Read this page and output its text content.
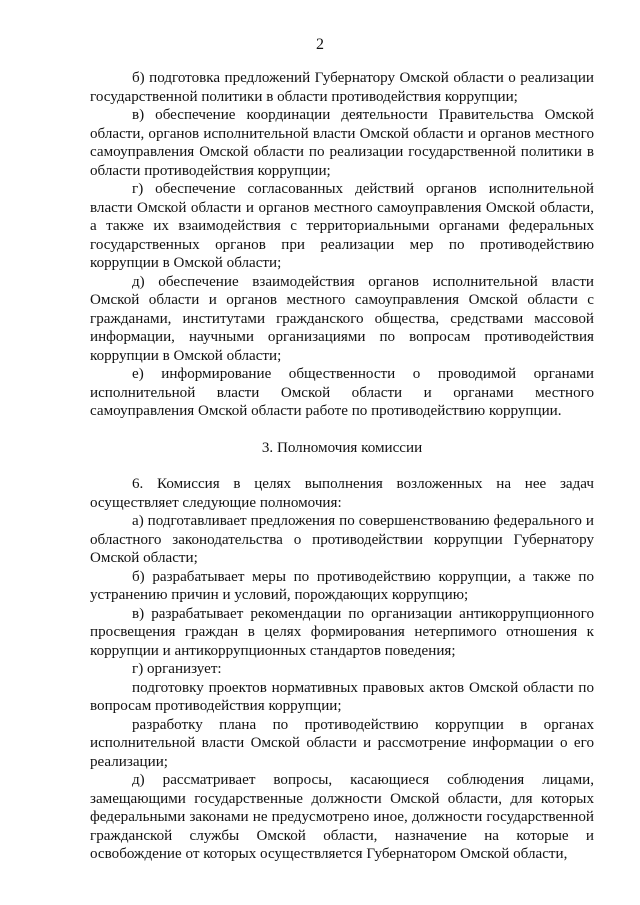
2

б) подготовка предложений Губернатору Омской области о реализации государственной политики в области противодействия коррупции;

в) обеспечение координации деятельности Правительства Омской области, органов исполнительной власти Омской области и органов местного самоуправления Омской области по реализации государственной политики в области противодействия коррупции;

г) обеспечение согласованных действий органов исполнительной власти Омской области и органов местного самоуправления Омской области, а также их взаимодействия с территориальными органами федеральных государственных органов при реализации мер по противодействию коррупции в Омской области;

д) обеспечение взаимодействия органов исполнительной власти Омской области и органов местного самоуправления Омской области с гражданами, институтами гражданского общества, средствами массовой информации, научными организациями по вопросам противодействия коррупции в Омской области;

е) информирование общественности о проводимой органами исполнительной власти Омской области и органами местного самоуправления Омской области работе по противодействию коррупции.

3. Полномочия комиссии

6. Комиссия в целях выполнения возложенных на нее задач осуществляет следующие полномочия:

а) подготавливает предложения по совершенствованию федерального и областного законодательства о противодействии коррупции Губернатору Омской области;

б) разрабатывает меры по противодействию коррупции, а также по устранению причин и условий, порождающих коррупцию;

в) разрабатывает рекомендации по организации антикоррупционного просвещения граждан в целях формирования нетерпимого отношения к коррупции и антикоррупционных стандартов поведения;

г) организует:

подготовку проектов нормативных правовых актов Омской области по вопросам противодействия коррупции;

разработку плана по противодействию коррупции в органах исполнительной власти Омской области и рассмотрение информации о его реализации;

д) рассматривает вопросы, касающиеся соблюдения лицами, замещающими государственные должности Омской области, для которых федеральными законами не предусмотрено иное, должности государственной гражданской службы Омской области, назначение на которые и освобождение от которых осуществляется Губернатором Омской области,
